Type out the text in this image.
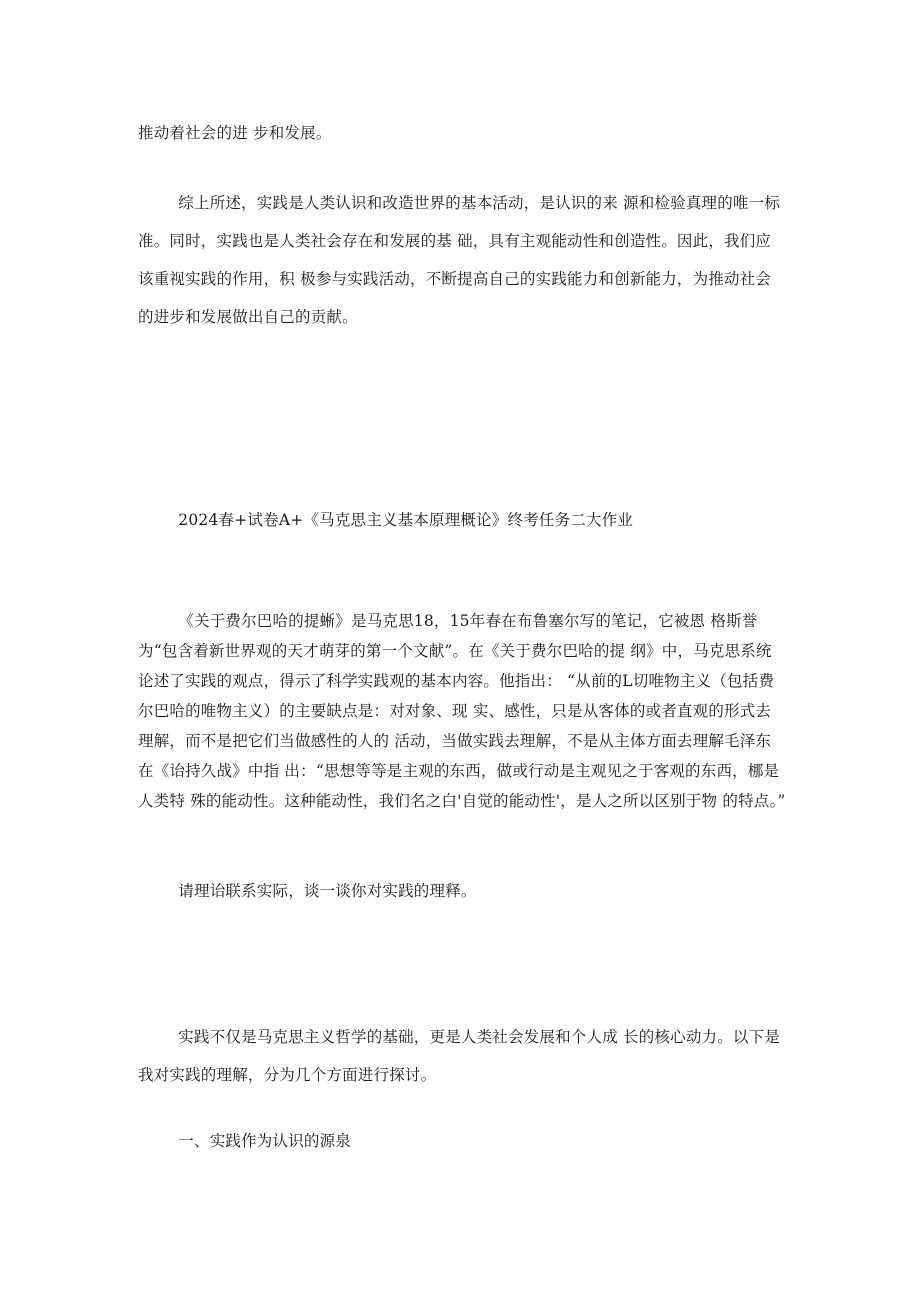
推动着社会的进 步和发展。

综上所述，实践是人类认识和改造世界的基本活动，是认识的来 源和检验真理的唯一标准。同时，实践也是人类社会存在和发展的基 础，具有主观能动性和创造性。因此，我们应该重视实践的作用，积 极参与实践活动，不断提高自己的实践能力和创新能力，为推动社会 的进步和发展做出自己的贡献。

2024春+试卷A+《马克思主义基本原理概论》终考任务二大作业

《关于费尔巴哈的提蜥》是马克思18，15年春在布鲁塞尔写的笔记，它被恩 格斯誉为“包含着新世界观的天才萌芽的第一个文献”。在《关于费尔巴哈的提 纲》中，马克思系统论述了实践的观点，得示了科学实践观的基本内容。他指出： “从前的L切唯物主义（包括费尔巴哈的唯物主义）的主要缺点是：对对象、现 实、感性，只是从客体的或者直观的形式去理解，而不是把它们当做感性的人的 活动，当做实践去理解，不是从主体方面去理解毛泽东在《诒持久战》中指 出：“思想等等是主观的东西，做或行动是主观见之于客观的东西，梛是人类特 殊的能动性。这种能动性，我们名之白'自觉的能动性'，是人之所以区别于物 的特点。”

请理诒联系实际，谈一谈你对实践的理释。

实践不仅是马克思主义哲学的基础，更是人类社会发展和个人成 长的核心动力。以下是我对实践的理解，分为几个方面进行探讨。

一、实践作为认识的源泉
